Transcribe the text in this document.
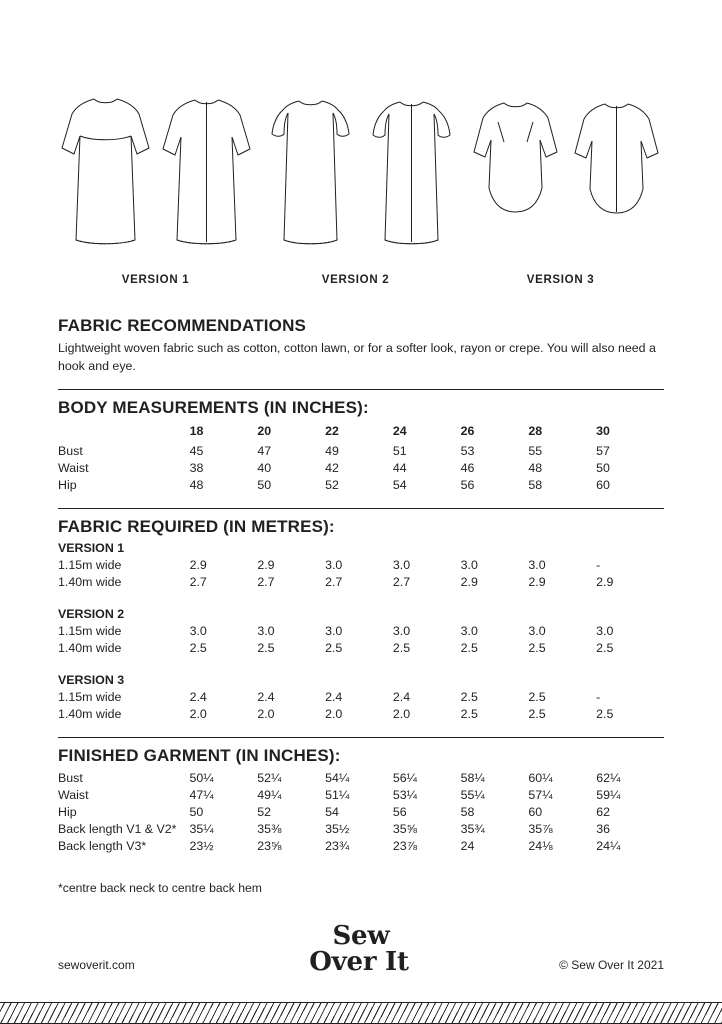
VERSION 1	VERSION 2	VERSION 3
FABRIC RECOMMENDATIONS

Lightweight woven fabric such as cotton, cotton lawn, or for a softer look, rayon or crepe. You will also need a hook and eye.

BODY MEASUREMENTS (IN INCHES):
	18	20	22	24	26	28	30
Bust	45	47	49	51	53	55	57
Waist	38	40	42	44	46	48	50
Hip	48	50	52	54	56	58	60
FABRIC REQUIRED (IN METRES):
VERSION 1
1.15m wide	2.9	2.9	3.0	3.0	3.0	3.0	-
1.40m wide	2.7	2.7	2.7	2.7	2.9	2.9	2.9
VERSION 2
1.15m wide	3.0	3.0	3.0	3.0	3.0	3.0	3.0
1.40m wide	2.5	2.5	2.5	2.5	2.5	2.5	2.5
VERSION 3
1.15m wide	2.4	2.4	2.4	2.4	2.5	2.5	-
1.40m wide	2.0	2.0	2.0	2.0	2.5	2.5	2.5
FINISHED GARMENT (IN INCHES):
Bust	50¼	52¼	54¼	56¼	58¼	60¼	62¼
Waist	47¼	49¼	51¼	53¼	55¼	57¼	59¼
Hip	50	52	54	56	58	60	62
Back length V1 & V2*	35¼	35⅜	35½	35⅝	35¾	35⅞	36
Back length V3*	23½	23⅝	23¾	23⅞	24	24⅛	24¼
*centre back neck to centre back hem
sewoverit.com
Sew
Over It	© Sew Over It 2021
